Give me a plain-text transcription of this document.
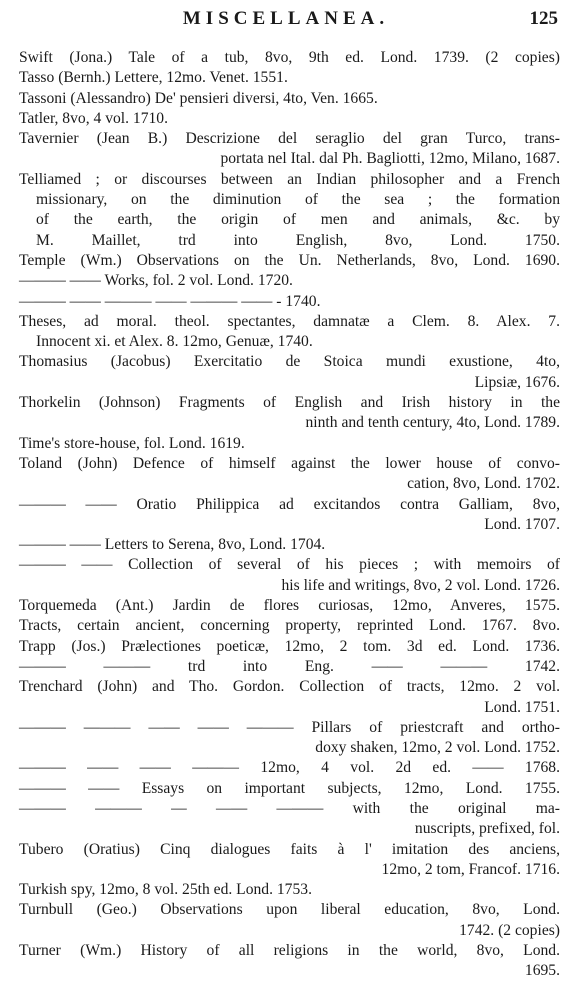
MISCELLANEA.	125
Swift (Jona.) Tale of a tub, 8vo, 9th ed. Lond. 1739. (2 copies)
Tasso (Bernh.) Lettere, 12mo. Venet. 1551.
Tassoni (Alessandro) De' pensieri diversi, 4to, Ven. 1665.
Tatler, 8vo, 4 vol. 1710.
Tavernier (Jean B.) Descrizione del seraglio del gran Turco, trans-
portata nel Ital. dal Ph. Bagliotti, 12mo, Milano, 1687.
Telliamed ; or discourses between an Indian philosopher and a French
missionary, on the diminution of the sea ; the formation
of the earth, the origin of men and animals, &c. by
M. Maillet, trd into English, 8vo, Lond. 1750.
Temple (Wm.) Observations on the Un. Netherlands, 8vo, Lond. 1690.
——— —— Works, fol. 2 vol. Lond. 1720.
——— —— ——— —— ——— —— - 1740.
Theses, ad moral. theol. spectantes, damnatæ a Clem. 8. Alex. 7.
Innocent xi. et Alex. 8. 12mo, Genuæ, 1740.
Thomasius (Jacobus) Exercitatio de Stoica mundi exustione, 4to,
Lipsiæ, 1676.
Thorkelin (Johnson) Fragments of English and Irish history in the
ninth and tenth century, 4to, Lond. 1789.
Time's store-house, fol. Lond. 1619.
Toland (John) Defence of himself against the lower house of convo-
cation, 8vo, Lond. 1702.
——— —— Oratio Philippica ad excitandos contra Galliam, 8vo,
Lond. 1707.
——— —— Letters to Serena, 8vo, Lond. 1704.
——— —— Collection of several of his pieces ; with memoirs of
his life and writings, 8vo, 2 vol. Lond. 1726.
Torquemeda (Ant.) Jardin de flores curiosas, 12mo, Anveres, 1575.
Tracts, certain ancient, concerning property, reprinted Lond. 1767. 8vo.
Trapp (Jos.) Prælectiones poeticæ, 12mo, 2 tom. 3d ed. Lond. 1736.
——— ——— trd into Eng. —— ——— 1742.
Trenchard (John) and Tho. Gordon. Collection of tracts, 12mo. 2 vol.
Lond. 1751.
——— ——— —— —— ——— Pillars of priestcraft and ortho-
doxy shaken, 12mo, 2 vol. Lond. 1752.
——— —— —— ——— 12mo, 4 vol. 2d ed. —— 1768.
——— —— Essays on important subjects, 12mo, Lond. 1755.
——— ——— — —— ——— with the original ma-
nuscripts, prefixed, fol.
Tubero (Oratius) Cinq dialogues faits à l' imitation des anciens,
12mo, 2 tom, Francof. 1716.
Turkish spy, 12mo, 8 vol. 25th ed. Lond. 1753.
Turnbull (Geo.) Observations upon liberal education, 8vo, Lond.
1742. (2 copies)
Turner (Wm.) History of all religions in the world, 8vo, Lond.
1695.
